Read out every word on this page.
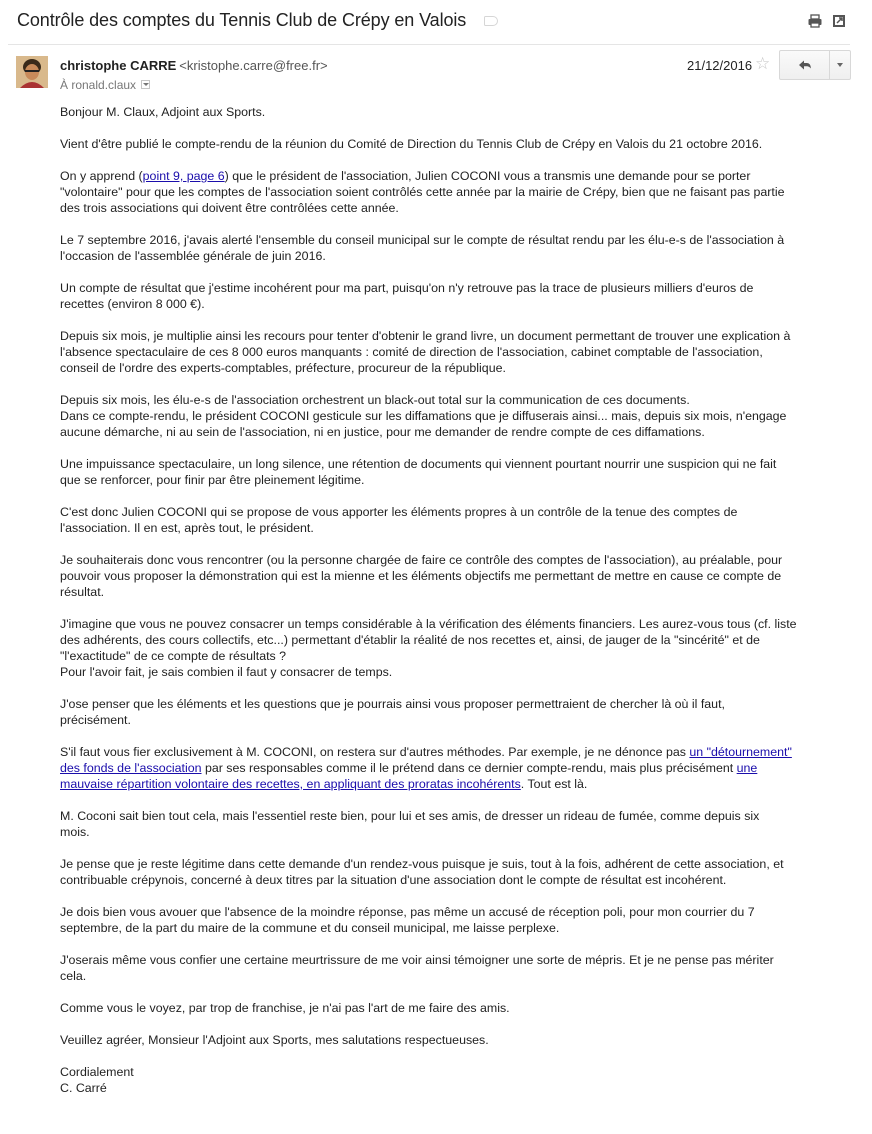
Contrôle des comptes du Tennis Club de Crépy en Valois
christophe CARRE <kristophe.carre@free.fr>
À ronald.claux
21/12/2016 ☆

Bonjour M. Claux, Adjoint aux Sports.

Vient d'être publié le compte-rendu de la réunion du Comité de Direction du Tennis Club de Crépy en Valois du 21 octobre 2016.

On y apprend (point 9, page 6) que le président de l'association, Julien COCONI vous a transmis une demande pour se porter
"volontaire" pour que les comptes de l'association soient contrôlés cette année par la mairie de Crépy, bien que ne faisant pas partie
des trois associations qui doivent être contrôlées cette année.

Le 7 septembre 2016, j'avais alerté l'ensemble du conseil municipal sur le compte de résultat rendu par les élu-e-s de l'association à
l'occasion de l'assemblée générale de juin 2016.

Un compte de résultat que j'estime incohérent pour ma part, puisqu'on n'y retrouve pas la trace de plusieurs milliers d'euros de
recettes (environ 8 000 €).

Depuis six mois, je multiplie ainsi les recours pour tenter d'obtenir le grand livre, un document permettant de trouver une explication à
l'absence spectaculaire de ces 8 000 euros manquants : comité de direction de l'association, cabinet comptable de l'association,
conseil de l'ordre des experts-comptables, préfecture, procureur de la république.

Depuis six mois, les élu-e-s de l'association orchestrent un black-out total sur la communication de ces documents.
Dans ce compte-rendu, le président COCONI gesticule sur les diffamations que je diffuserais ainsi... mais, depuis six mois, n'engage
aucune démarche, ni au sein de l'association, ni en justice, pour me demander de rendre compte de ces diffamations.

Une impuissance spectaculaire, un long silence, une rétention de documents qui viennent pourtant nourrir une suspicion qui ne fait
que se renforcer, pour finir par être pleinement légitime.

C'est donc Julien COCONI qui se propose de vous apporter les éléments propres à un contrôle de la tenue des comptes de
l'association. Il en est, après tout, le président.

Je souhaiterais donc vous rencontrer (ou la personne chargée de faire ce contrôle des comptes de l'association), au préalable, pour
pouvoir vous proposer la démonstration qui est la mienne et les éléments objectifs me permettant de mettre en cause ce compte de
résultat.

J'imagine que vous ne pouvez consacrer un temps considérable à la vérification des éléments financiers. Les aurez-vous tous (cf. liste
des adhérents, des cours collectifs, etc...) permettant d'établir la réalité de nos recettes et, ainsi, de jauger de la "sincérité" et de
"l'exactitude" de ce compte de résultats ?
Pour l'avoir fait, je sais combien il faut y consacrer de temps.

J'ose penser que les éléments et les questions que je pourrais ainsi vous proposer permettraient de chercher là où il faut,
précisément.

S'il faut vous fier exclusivement à M. COCONI, on restera sur d'autres méthodes. Par exemple, je ne dénonce pas un "détournement"
des fonds de l'association par ses responsables comme il le prétend dans ce dernier compte-rendu, mais plus précisément une
mauvaise répartition volontaire des recettes, en appliquant des proratas incohérents. Tout est là.

M. Coconi sait bien tout cela, mais l'essentiel reste bien, pour lui et ses amis, de dresser un rideau de fumée, comme depuis six
mois.

Je pense que je reste légitime dans cette demande d'un rendez-vous puisque je suis, tout à la fois, adhérent de cette association, et
contribuable crépynois, concerné à deux titres par la situation d'une association dont le compte de résultat est incohérent.

Je dois bien vous avouer que l'absence de la moindre réponse, pas même un accusé de réception poli, pour mon courrier du 7
septembre, de la part du maire de la commune et du conseil municipal, me laisse perplexe.

J'oserais même vous confier une certaine meurtrissure de me voir ainsi témoigner une sorte de mépris. Et je ne pense pas mériter
cela.

Comme vous le voyez, par trop de franchise, je n'ai pas l'art de me faire des amis.

Veuillez agréer, Monsieur l'Adjoint aux Sports, mes salutations respectueuses.

Cordialement
C. Carré
